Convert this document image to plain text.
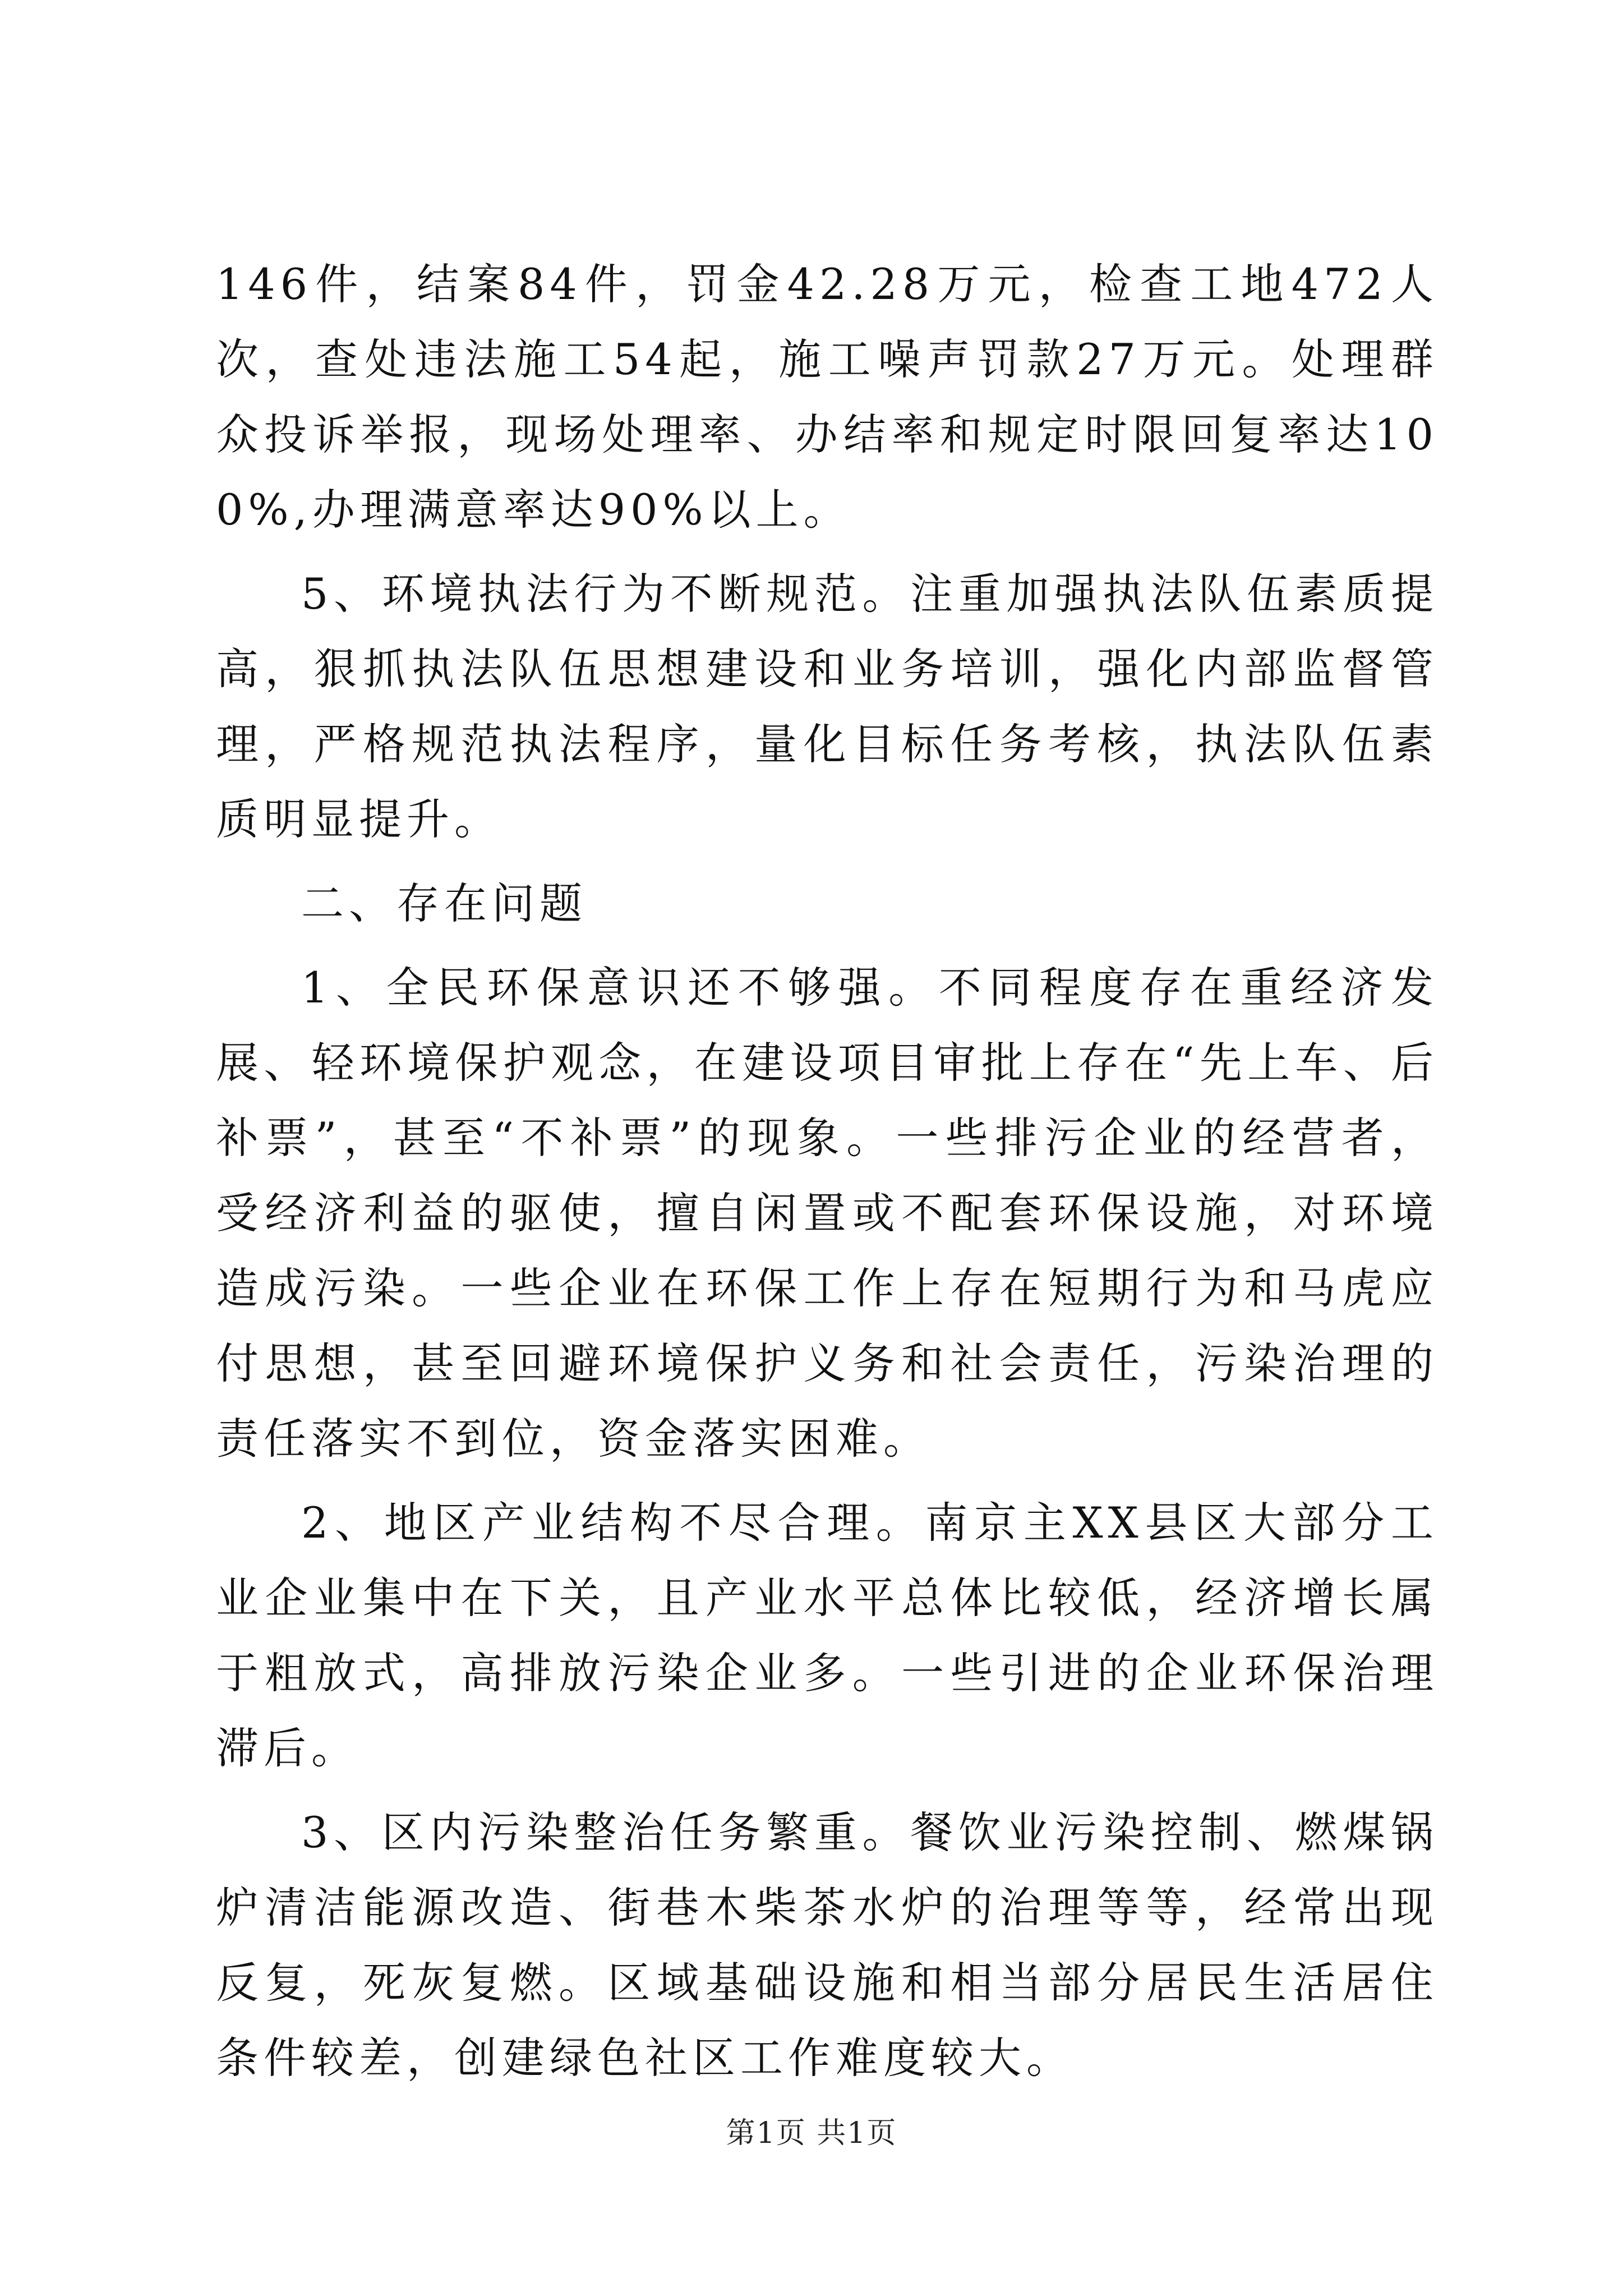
146件，结案84件，罚金42.28万元，检查工地472人次，查处违法施工54起，施工噪声罚款27万元。处理群众投诉举报，现场处理率、办结率和规定时限回复率达100%,办理满意率达90%以上。

5、环境执法行为不断规范。注重加强执法队伍素质提高，狠抓执法队伍思想建设和业务培训，强化内部监督管理，严格规范执法程序，量化目标任务考核，执法队伍素质明显提升。

二、存在问题

1、全民环保意识还不够强。不同程度存在重经济发展、轻环境保护观念，在建设项目审批上存在“先上车、后补票”，甚至“不补票”的现象。一些排污企业的经营者，受经济利益的驱使，擅自闲置或不配套环保设施，对环境造成污染。一些企业在环保工作上存在短期行为和马虎应付思想，甚至回避环境保护义务和社会责任，污染治理的责任落实不到位，资金落实困难。

2、地区产业结构不尽合理。南京主XX县区大部分工业企业集中在下关，且产业水平总体比较低，经济增长属于粗放式，高排放污染企业多。一些引进的企业环保治理滞后。

3、区内污染整治任务繁重。餐饮业污染控制、燃煤锅炉清洁能源改造、街巷木柴茶水炉的治理等等，经常出现反复，死灰复燃。区域基础设施和相当部分居民生活居住条件较差，创建绿色社区工作难度较大。

第1页 共1页
